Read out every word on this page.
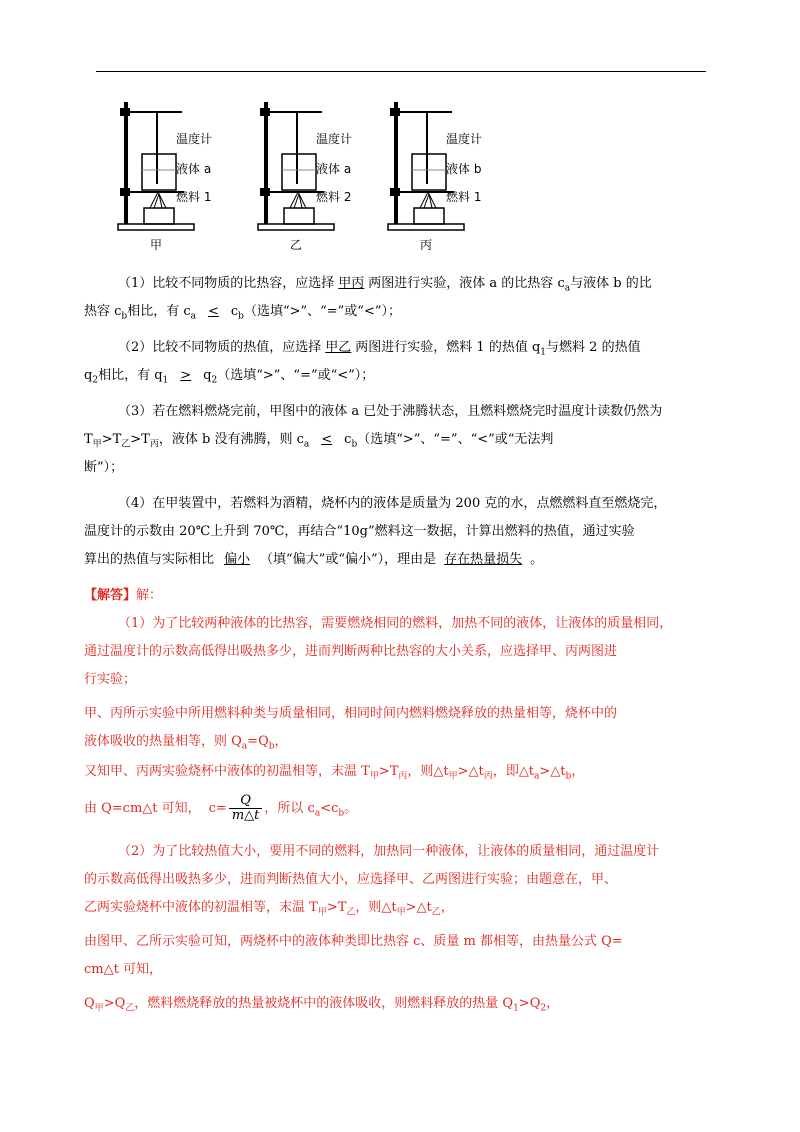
温度计
液体 a
燃料 1
甲
温度计
液体 a
燃料 2
乙
温度计
液体 b
燃料 1
丙
（1）比较不同物质的比热容，应选择 甲丙 两图进行实验，液体 a 的比热容 $c_a$与液体 b 的比
热容 $c_b$相比，有 $c_a < c_b$（选填“>”、“=”或“<”）；
（2）比较不同物质的热值，应选择 甲乙 两图进行实验，燃料 1 的热值 $q_1$与燃料 2 的热值
$q_2$相比，有 $q_1 > q_2$（选填“>”、“=”或“<”）；
（3）若在燃料燃烧完前，甲图中的液体 a 已处于沸腾状态，且燃料燃烧完时温度计读数仍然为
$T_甲>T_乙>T_丙$，液体 b 没有沸腾，则 $c_a < c_b$（选填“>”、“=”、“<”或“无法判
断”）；
（4）在甲装置中，若燃料为酒精，烧杯内的液体是质量为 200 克的水，点燃燃料直至燃烧完，
温度计的示数由 20℃上升到 70℃，再结合“10g”燃料这一数据，计算出燃料的热值，通过实验
算出的热值与实际相比 偏小 （填“偏大”或“偏小”），理由是 存在热量损失 。
【解答】解：
（1）为了比较两种液体的比热容，需要燃烧相同的燃料，加热不同的液体，让液体的质量相同，
通过温度计的示数高低得出吸热多少，进而判断两种比热容的大小关系，应选择甲、丙两图进
行实验；
甲、丙所示实验中所用燃料种类与质量相同，相同时间内燃料燃烧释放的热量相等，烧杯中的
液体吸收的热量相等，则 $Q_a=Q_b$，
又知甲、丙两实验烧杯中液体的初温相等，末温 $T_甲>T_丙$，则$\triangle t_甲>\triangle t_丙$，即$\triangle t_a>\triangle t_b$，
由 Q=cm△t 可知， $c= \frac{Q}{m\triangle t}$ ，所以 $c_a<c_b$。
（2）为了比较热值大小，要用不同的燃料，加热同一种液体，让液体的质量相同，通过温度计
的示数高低得出吸热多少，进而判断热值大小，应选择甲、乙两图进行实验；由题意在，甲、
乙两实验烧杯中液体的初温相等，末温 $T_甲>T_乙$，则$\triangle t_甲>\triangle t_乙$，
由图甲、乙所示实验可知，两烧杯中的液体种类即比热容 c、质量 m 都相等，由热量公式 Q=
cm△t 可知，
$Q_甲>Q_乙$，燃料燃烧释放的热量被烧杯中的液体吸收，则燃料释放的热量 $Q_1>Q_2$，
